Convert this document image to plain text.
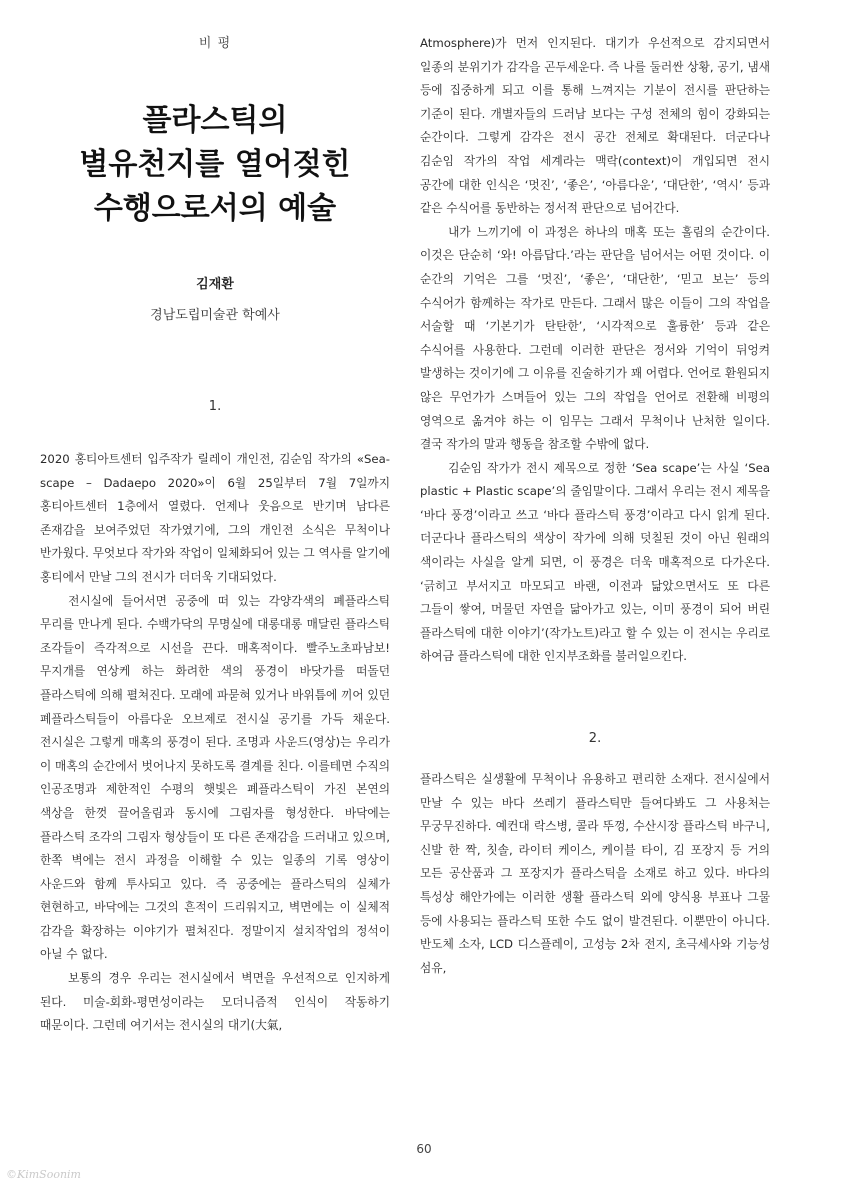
비 평

플라스틱의
별유천지를 열어젖힌
수행으로서의 예술

김재환

경남도립미술관 학예사

1.

2020 홍티아트센터 입주작가 릴레이 개인전, 김순임 작가의 «Sea-scape – Dadaepo 2020»이 6월 25일부터 7월 7일까지 홍티아트센터 1층에서 열렸다. 언제나 웃음으로 반기며 남다른 존재감을 보여주었던 작가였기에, 그의 개인전 소식은 무척이나 반가웠다. 무엇보다 작가와 작업이 일체화되어 있는 그 역사를 알기에 홍티에서 만날 그의 전시가 더더욱 기대되었다.

전시실에 들어서면 공중에 떠 있는 각양각색의 폐플라스틱 무리를 만나게 된다. 수백가닥의 무명실에 대롱대롱 매달린 플라스틱 조각들이 즉각적으로 시선을 끈다. 매혹적이다. 빨주노초파남보! 무지개를 연상케 하는 화려한 색의 풍경이 바닷가를 떠돌던 플라스틱에 의해 펼쳐진다. 모래에 파묻혀 있거나 바위틈에 끼어 있던 폐플라스틱들이 아름다운 오브제로 전시실 공기를 가득 채운다. 전시실은 그렇게 매혹의 풍경이 된다. 조명과 사운드(영상)는 우리가 이 매혹의 순간에서 벗어나지 못하도록 결계를 친다. 이를테면 수직의 인공조명과 제한적인 수평의 햇빛은 폐플라스틱이 가진 본연의 색상을 한껏 끌어올림과 동시에 그림자를 형성한다. 바닥에는 플라스틱 조각의 그림자 형상들이 또 다른 존재감을 드러내고 있으며, 한쪽 벽에는 전시 과정을 이해할 수 있는 일종의 기록 영상이 사운드와 함께 투사되고 있다. 즉 공중에는 플라스틱의 실체가 현현하고, 바닥에는 그것의 흔적이 드리워지고, 벽면에는 이 실체적 감각을 확장하는 이야기가 펼쳐진다. 정말이지 설치작업의 정석이 아닐 수 없다.

보통의 경우 우리는 전시실에서 벽면을 우선적으로 인지하게 된다. 미술-회화-평면성이라는 모더니즘적 인식이 작동하기 때문이다. 그런데 여기서는 전시실의 대기(大氣,

Atmosphere)가 먼저 인지된다. 대기가 우선적으로 감지되면서 일종의 분위기가 감각을 곤두세운다. 즉 나를 둘러싼 상황, 공기, 냄새 등에 집중하게 되고 이를 통해 느껴지는 기분이 전시를 판단하는 기준이 된다. 개별자들의 드러남 보다는 구성 전체의 힘이 강화되는 순간이다. 그렇게 감각은 전시 공간 전체로 확대된다. 더군다나 김순임 작가의 작업 세계라는 맥락(context)이 개입되면 전시 공간에 대한 인식은 ‘멋진’, ‘좋은’, ‘아름다운’, ‘대단한’, ‘역시’ 등과 같은 수식어를 동반하는 정서적 판단으로 넘어간다.

내가 느끼기에 이 과정은 하나의 매혹 또는 홀림의 순간이다. 이것은 단순히 ‘와! 아름답다.’라는 판단을 넘어서는 어떤 것이다. 이 순간의 기억은 그를 ‘멋진’, ‘좋은’, ‘대단한’, ‘믿고 보는’ 등의 수식어가 함께하는 작가로 만든다. 그래서 많은 이들이 그의 작업을 서술할 때 ‘기본기가 탄탄한’, ‘시각적으로 훌륭한’ 등과 같은 수식어를 사용한다. 그런데 이러한 판단은 정서와 기억이 뒤엉켜 발생하는 것이기에 그 이유를 진술하기가 꽤 어렵다. 언어로 환원되지 않은 무언가가 스며들어 있는 그의 작업을 언어로 전환해 비평의 영역으로 옮겨야 하는 이 임무는 그래서 무척이나 난처한 일이다. 결국 작가의 말과 행동을 참조할 수밖에 없다.

김순임 작가가 전시 제목으로 정한 ‘Sea scape’는 사실 ‘Sea plastic + Plastic scape’의 줄임말이다. 그래서 우리는 전시 제목을 ‘바다 풍경’이라고 쓰고 ‘바다 플라스틱 풍경’이라고 다시 읽게 된다. 더군다나 플라스틱의 색상이 작가에 의해 덧칠된 것이 아닌 원래의 색이라는 사실을 알게 되면, 이 풍경은 더욱 매혹적으로 다가온다. ‘긁히고 부서지고 마모되고 바랜, 이전과 닮았으면서도 또 다른 그들이 쌓여, 머물던 자연을 닮아가고 있는, 이미 풍경이 되어 버린 플라스틱에 대한 이야기’(작가노트)라고 할 수 있는 이 전시는 우리로 하여금 플라스틱에 대한 인지부조화를 불러일으킨다.

2.

플라스틱은 실생활에 무척이나 유용하고 편리한 소재다. 전시실에서 만날 수 있는 바다 쓰레기 플라스틱만 들여다봐도 그 사용처는 무궁무진하다. 예컨대 락스병, 콜라 뚜껑, 수산시장 플라스틱 바구니, 신발 한 짝, 칫솔, 라이터 케이스, 케이블 타이, 김 포장지 등 거의 모든 공산품과 그 포장지가 플라스틱을 소재로 하고 있다. 바다의 특성상 해안가에는 이러한 생활 플라스틱 외에 양식용 부표나 그물 등에 사용되는 플라스틱 또한 수도 없이 발견된다. 이뿐만이 아니다. 반도체 소자, LCD 디스플레이, 고성능 2차 전지, 초극세사와 기능성 섬유,

60
©KimSoonim
